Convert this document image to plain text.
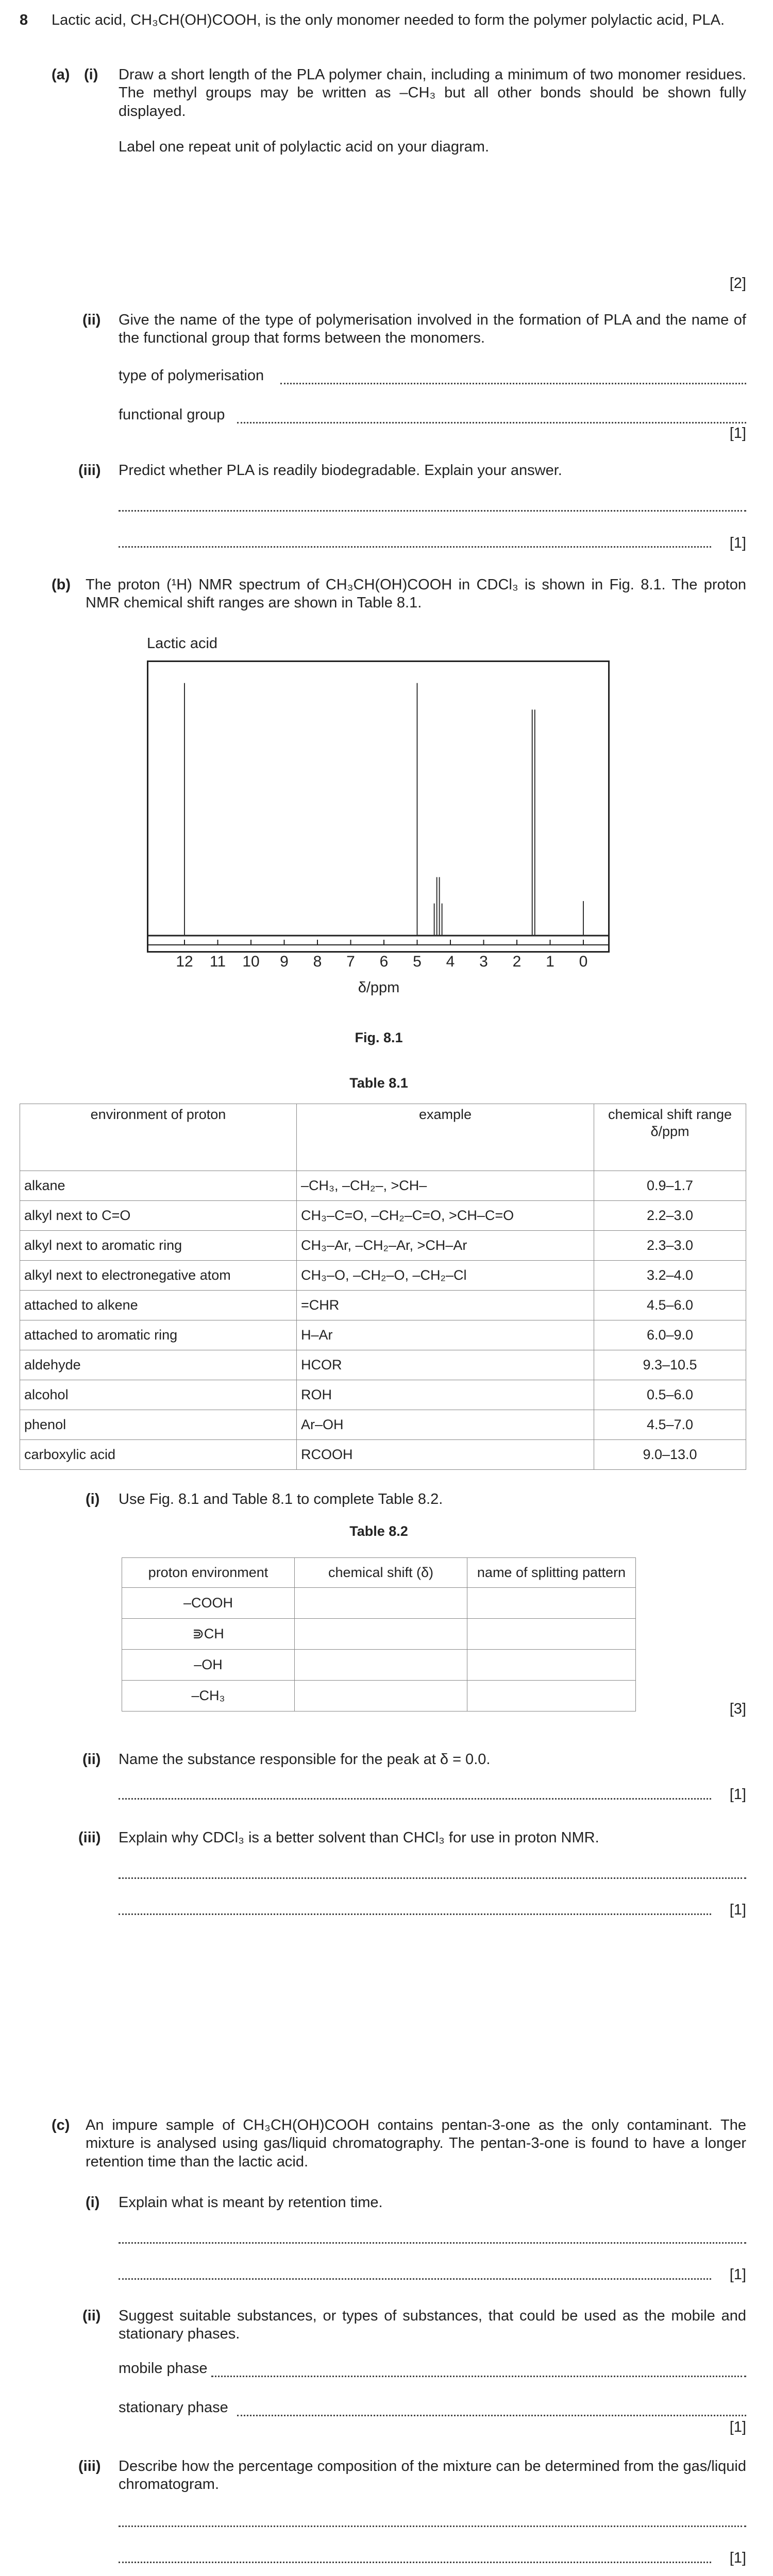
8 Lactic acid, CH₃CH(OH)COOH, is the only monomer needed to form the polymer polylactic acid, PLA.
(a) (i) Draw a short length of the PLA polymer chain, including a minimum of two monomer residues. The methyl groups may be written as –CH₃ but all other bonds should be shown fully displayed.
Label one repeat unit of polylactic acid on your diagram.
[2]
(ii) Give the name of the type of polymerisation involved in the formation of PLA and the name of the functional group that forms between the monomers.
type of polymerisation
functional group
[1]
(iii) Predict whether PLA is readily biodegradable. Explain your answer.
[1]
(b) The proton (¹H) NMR spectrum of CH₃CH(OH)COOH in CDCl₃ is shown in Fig. 8.1. The proton NMR chemical shift ranges are shown in Table 8.1.
Lactic acid
12 11 10 9 8 7 6 5 4 3 2 1 0
δ/ppm
Fig. 8.1
Table 8.1
environment of proton	example	chemical shift range δ/ppm
alkane	–CH₃, –CH₂–, >CH–	0.9–1.7
alkyl next to C=O	CH₃–C=O, –CH₂–C=O, >CH–C=O	2.2–3.0
alkyl next to aromatic ring	CH₃–Ar, –CH₂–Ar, >CH–Ar	2.3–3.0
alkyl next to electronegative atom	CH₃–O, –CH₂–O, –CH₂–Cl	3.2–4.0
attached to alkene	=CHR	4.5–6.0
attached to aromatic ring	H–Ar	6.0–9.0
aldehyde	HCOR	9.3–10.5
alcohol	ROH	0.5–6.0
phenol	Ar–OH	4.5–7.0
carboxylic acid	RCOOH	9.0–13.0
(i) Use Fig. 8.1 and Table 8.1 to complete Table 8.2.
Table 8.2
proton environment	chemical shift (δ)	name of splitting pattern
–COOH		
⋑CH		
–OH		
–CH₃		
[3]
(ii) Name the substance responsible for the peak at δ = 0.0.
[1]
(iii) Explain why CDCl₃ is a better solvent than CHCl₃ for use in proton NMR.
[1]
(c) An impure sample of CH₃CH(OH)COOH contains pentan-3-one as the only contaminant. The mixture is analysed using gas/liquid chromatography. The pentan-3-one is found to have a longer retention time than the lactic acid.
(i) Explain what is meant by retention time.
[1]
(ii) Suggest suitable substances, or types of substances, that could be used as the mobile and stationary phases.
mobile phase
stationary phase
[1]
(iii) Describe how the percentage composition of the mixture can be determined from the gas/liquid chromatogram.
[1]
